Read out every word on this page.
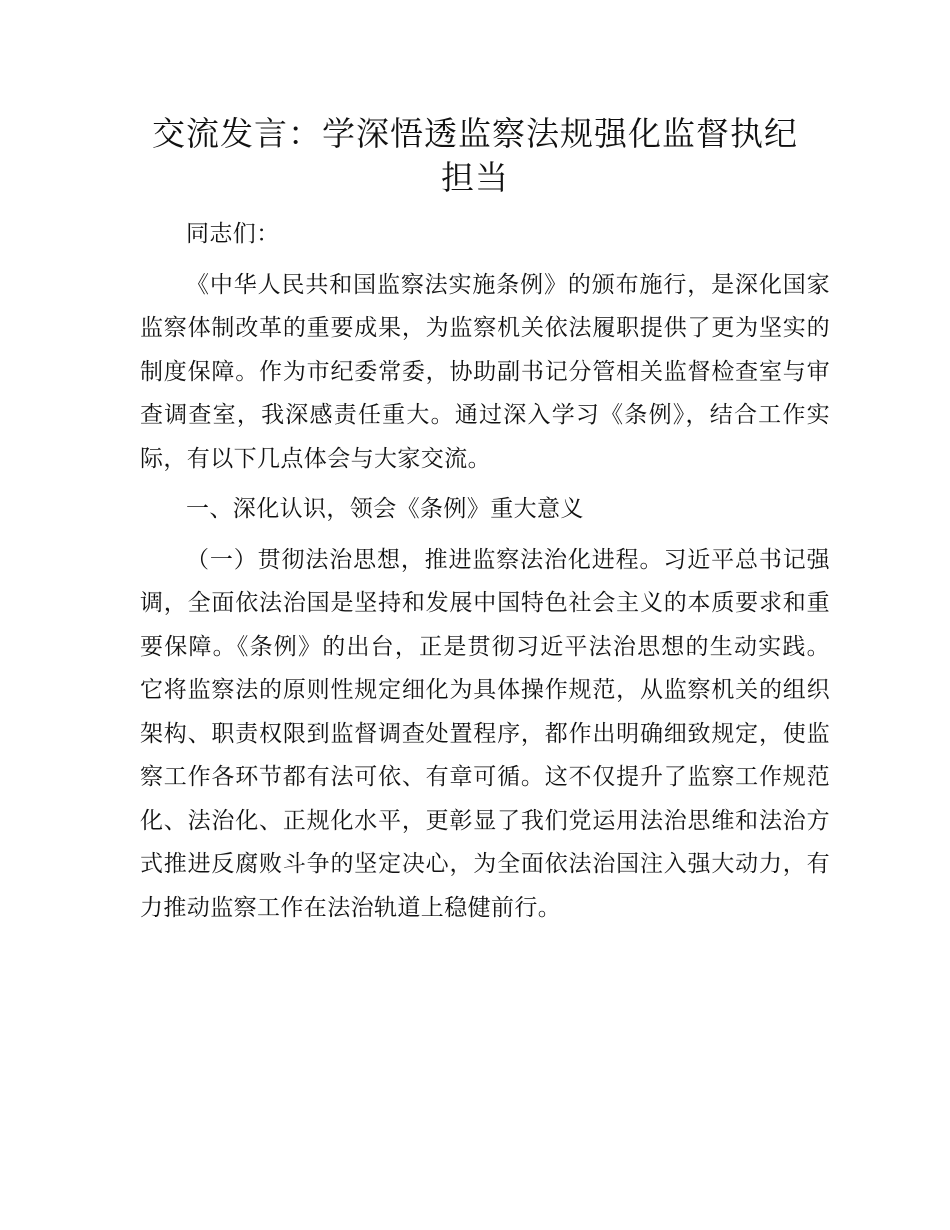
交流发言：学深悟透监察法规强化监督执纪担当

同志们：

《中华人民共和国监察法实施条例》的颁布施行，是深化国家监察体制改革的重要成果，为监察机关依法履职提供了更为坚实的制度保障。作为市纪委常委，协助副书记分管相关监督检查室与审查调查室，我深感责任重大。通过深入学习《条例》，结合工作实际，有以下几点体会与大家交流。

一、深化认识，领会《条例》重大意义

（一）贯彻法治思想，推进监察法治化进程。习近平总书记强调，全面依法治国是坚持和发展中国特色社会主义的本质要求和重要保障。《条例》的出台，正是贯彻习近平法治思想的生动实践。它将监察法的原则性规定细化为具体操作规范，从监察机关的组织架构、职责权限到监督调查处置程序，都作出明确细致规定，使监察工作各环节都有法可依、有章可循。这不仅提升了监察工作规范化、法治化、正规化水平，更彰显了我们党运用法治思维和法治方式推进反腐败斗争的坚定决心，为全面依法治国注入强大动力，有力推动监察工作在法治轨道上稳健前行。
